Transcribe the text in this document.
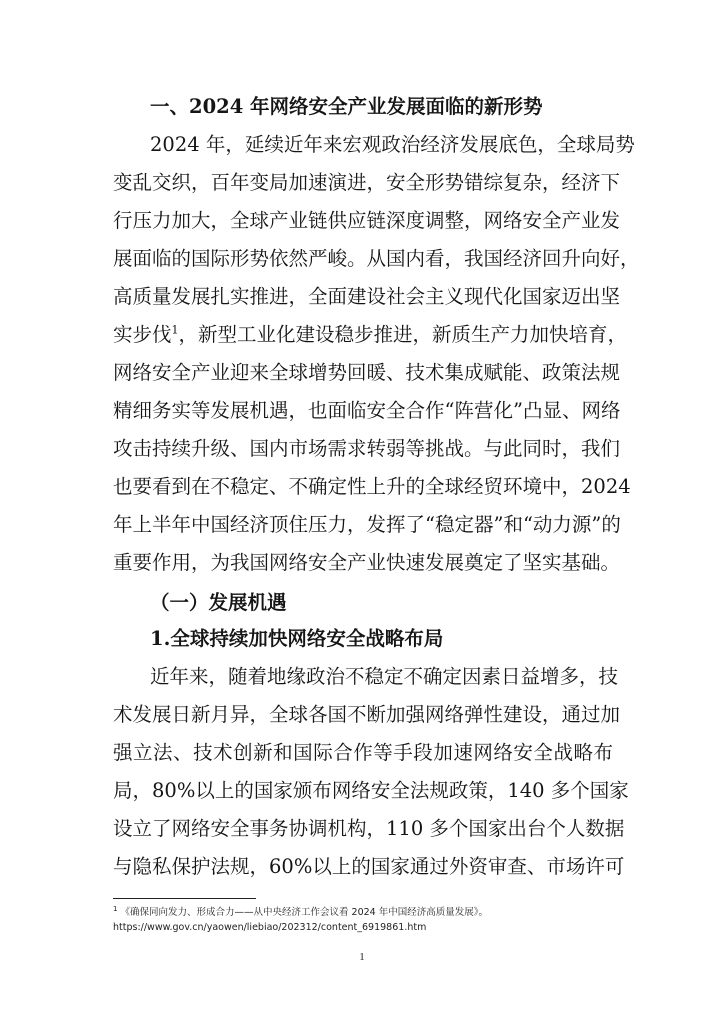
一、2024 年网络安全产业发展面临的新形势
2024 年，延续近年来宏观政治经济发展底色，全球局势
变乱交织，百年变局加速演进，安全形势错综复杂，经济下
行压力加大，全球产业链供应链深度调整，网络安全产业发
展面临的国际形势依然严峻。从国内看，我国经济回升向好，
高质量发展扎实推进，全面建设社会主义现代化国家迈出坚
实步伐$^1$，新型工业化建设稳步推进，新质生产力加快培育，
网络安全产业迎来全球增势回暖、技术集成赋能、政策法规
精细务实等发展机遇，也面临安全合作“阵营化”凸显、网络
攻击持续升级、国内市场需求转弱等挑战。与此同时，我们
也要看到在不稳定、不确定性上升的全球经贸环境中，2024
年上半年中国经济顶住压力，发挥了“稳定器”和“动力源”的
重要作用，为我国网络安全产业快速发展奠定了坚实基础。
（一）发展机遇
1.全球持续加快网络安全战略布局
近年来，随着地缘政治不稳定不确定因素日益增多，技
术发展日新月异，全球各国不断加强网络弹性建设，通过加
强立法、技术创新和国际合作等手段加速网络安全战略布
局，80%以上的国家颁布网络安全法规政策，140 多个国家
设立了网络安全事务协调机构，110 多个国家出台个人数据
与隐私保护法规，60%以上的国家通过外资审查、市场许可
$^1$ 《确保同向发力、形成合力——从中央经济工作会议看 2024 年中国经济高质量发展》。
https://www.gov.cn/yaowen/liebiao/202312/content_6919861.htm
1
